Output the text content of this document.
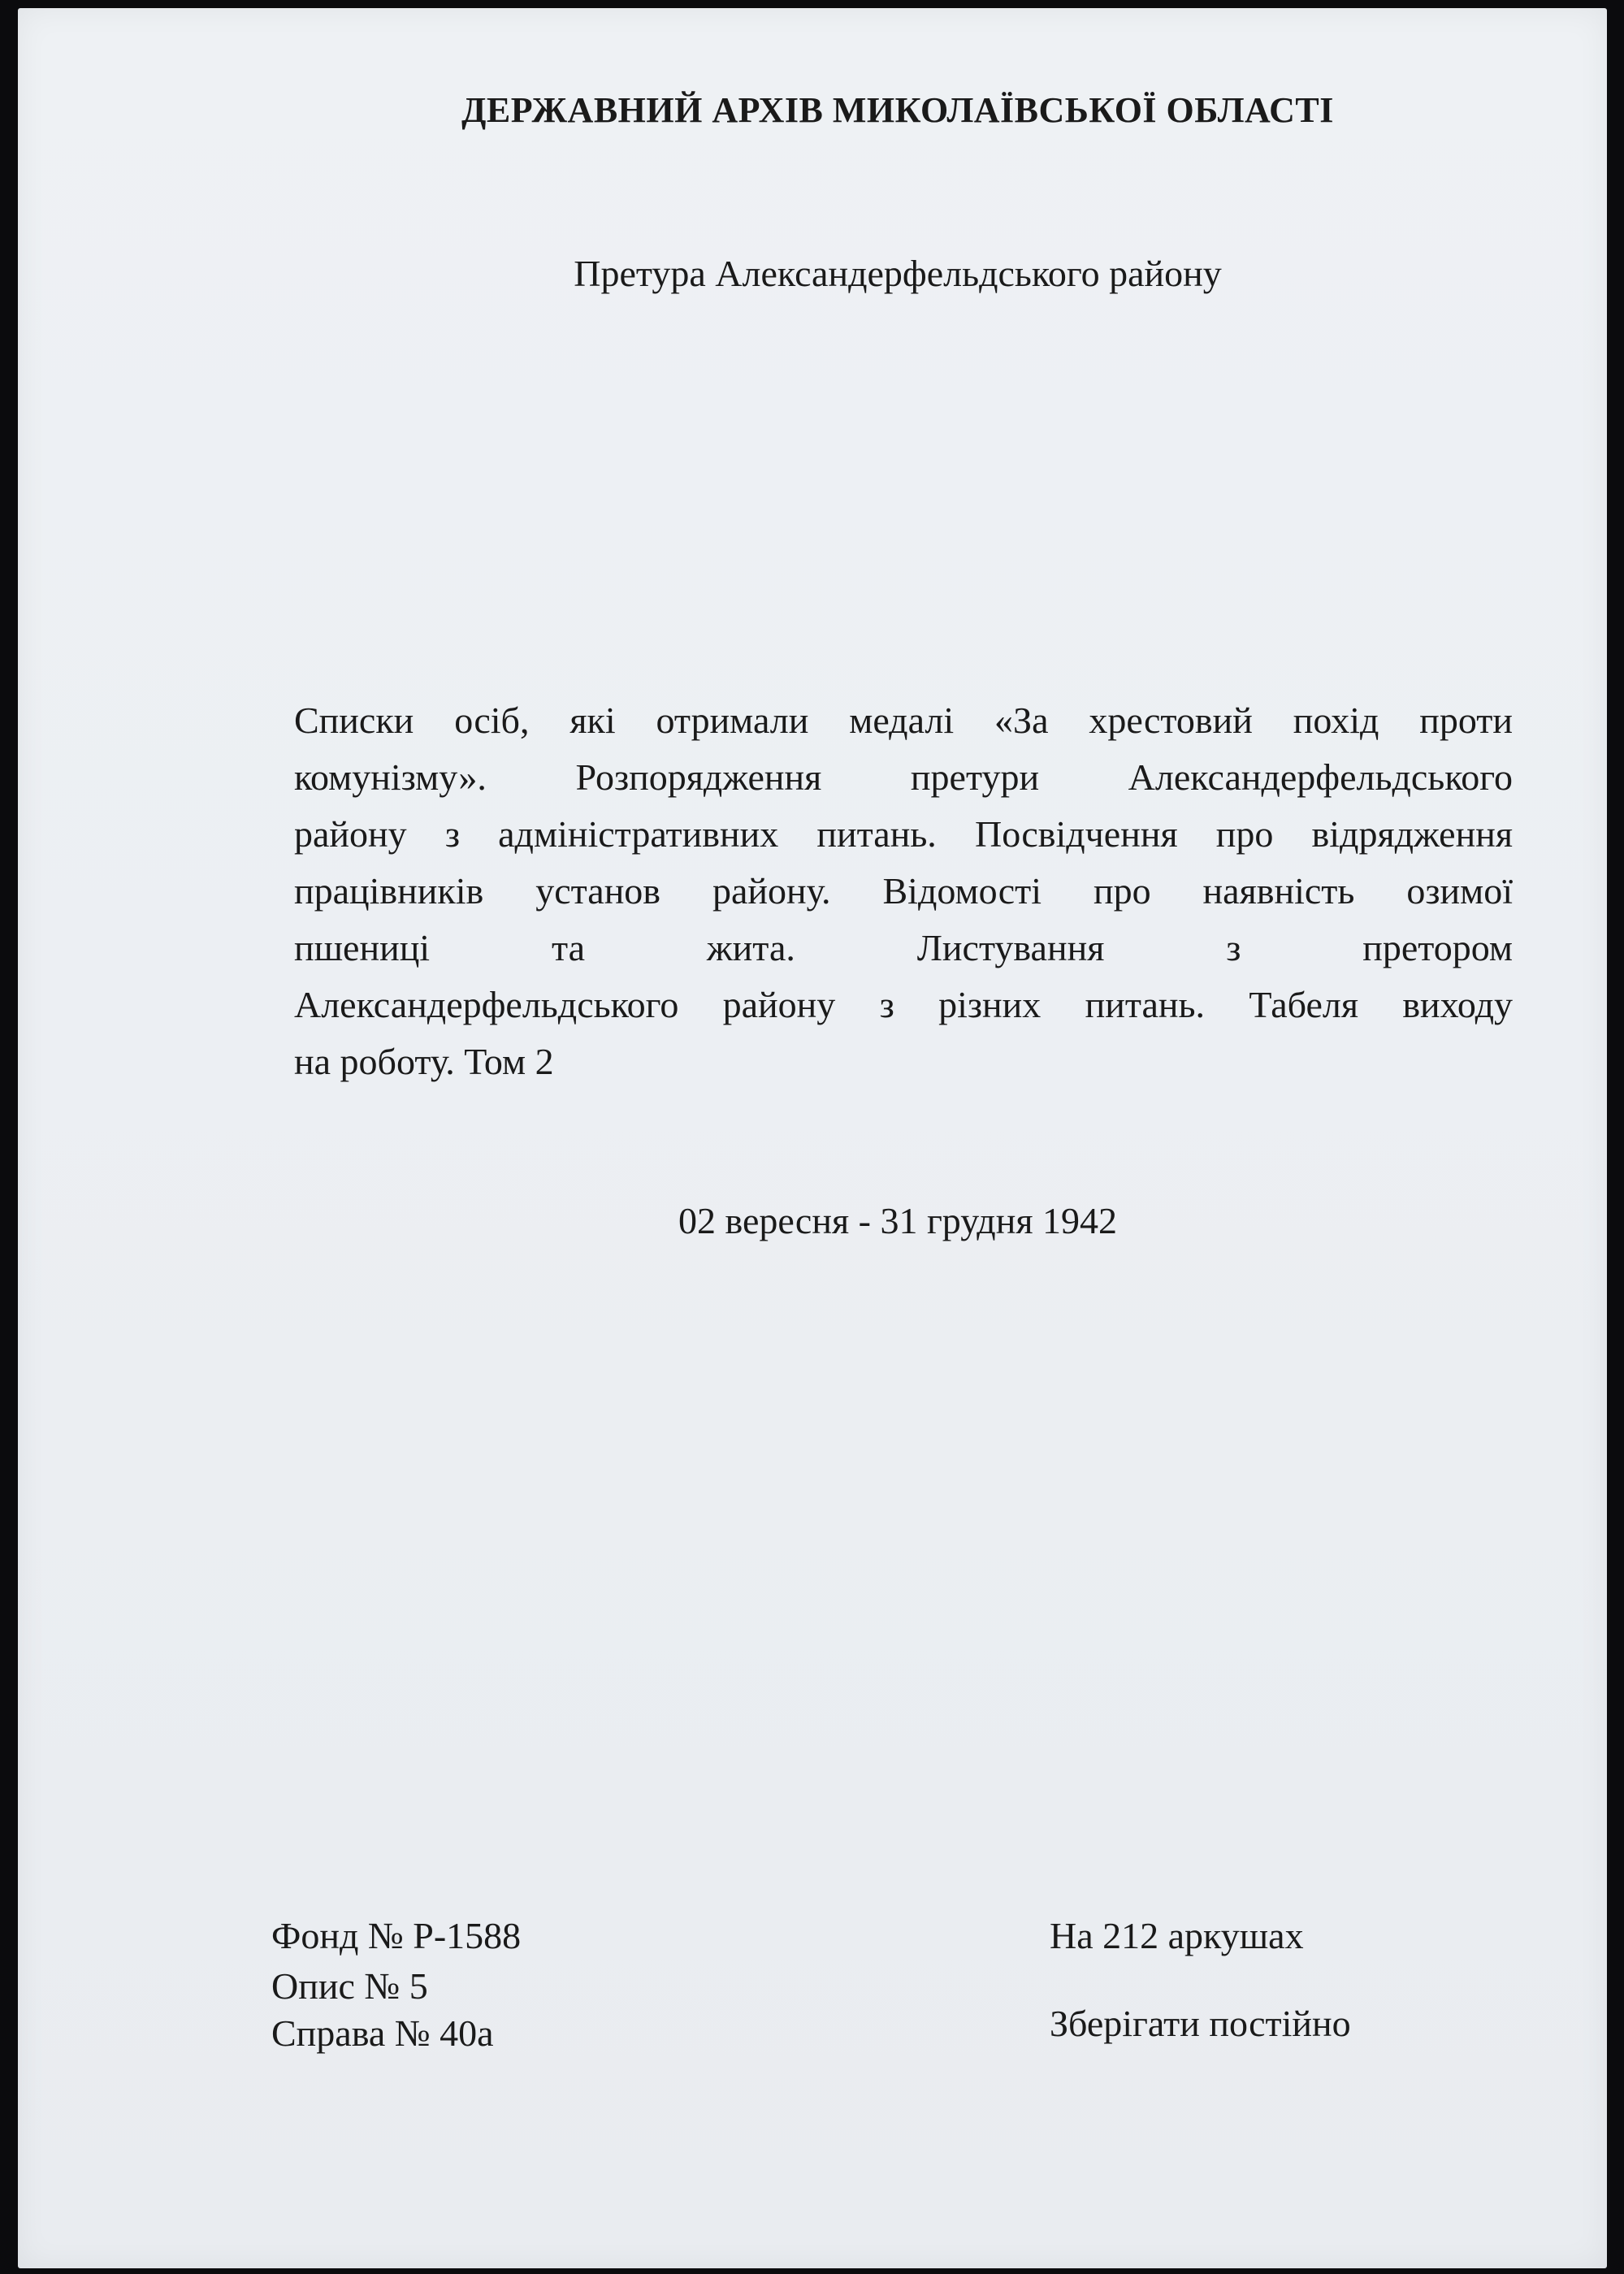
ДЕРЖАВНИЙ АРХІВ МИКОЛАЇВСЬКОЇ ОБЛАСТІ
Претура Александерфельдського району
Списки осіб, які отримали медалі «За хрестовий похід проти
комунізму». Розпорядження претури Александерфельдського
району з адміністративних питань. Посвідчення про відрядження
працівників установ району. Відомості про наявність озимої
пшениці та жита. Листування з претором
Александерфельдського району з різних питань. Табеля виходу
на роботу. Том 2
02 вересня - 31 грудня 1942
Фонд № Р-1588
Опис № 5
Справа № 40а
На 212 аркушах
Зберігати постійно
